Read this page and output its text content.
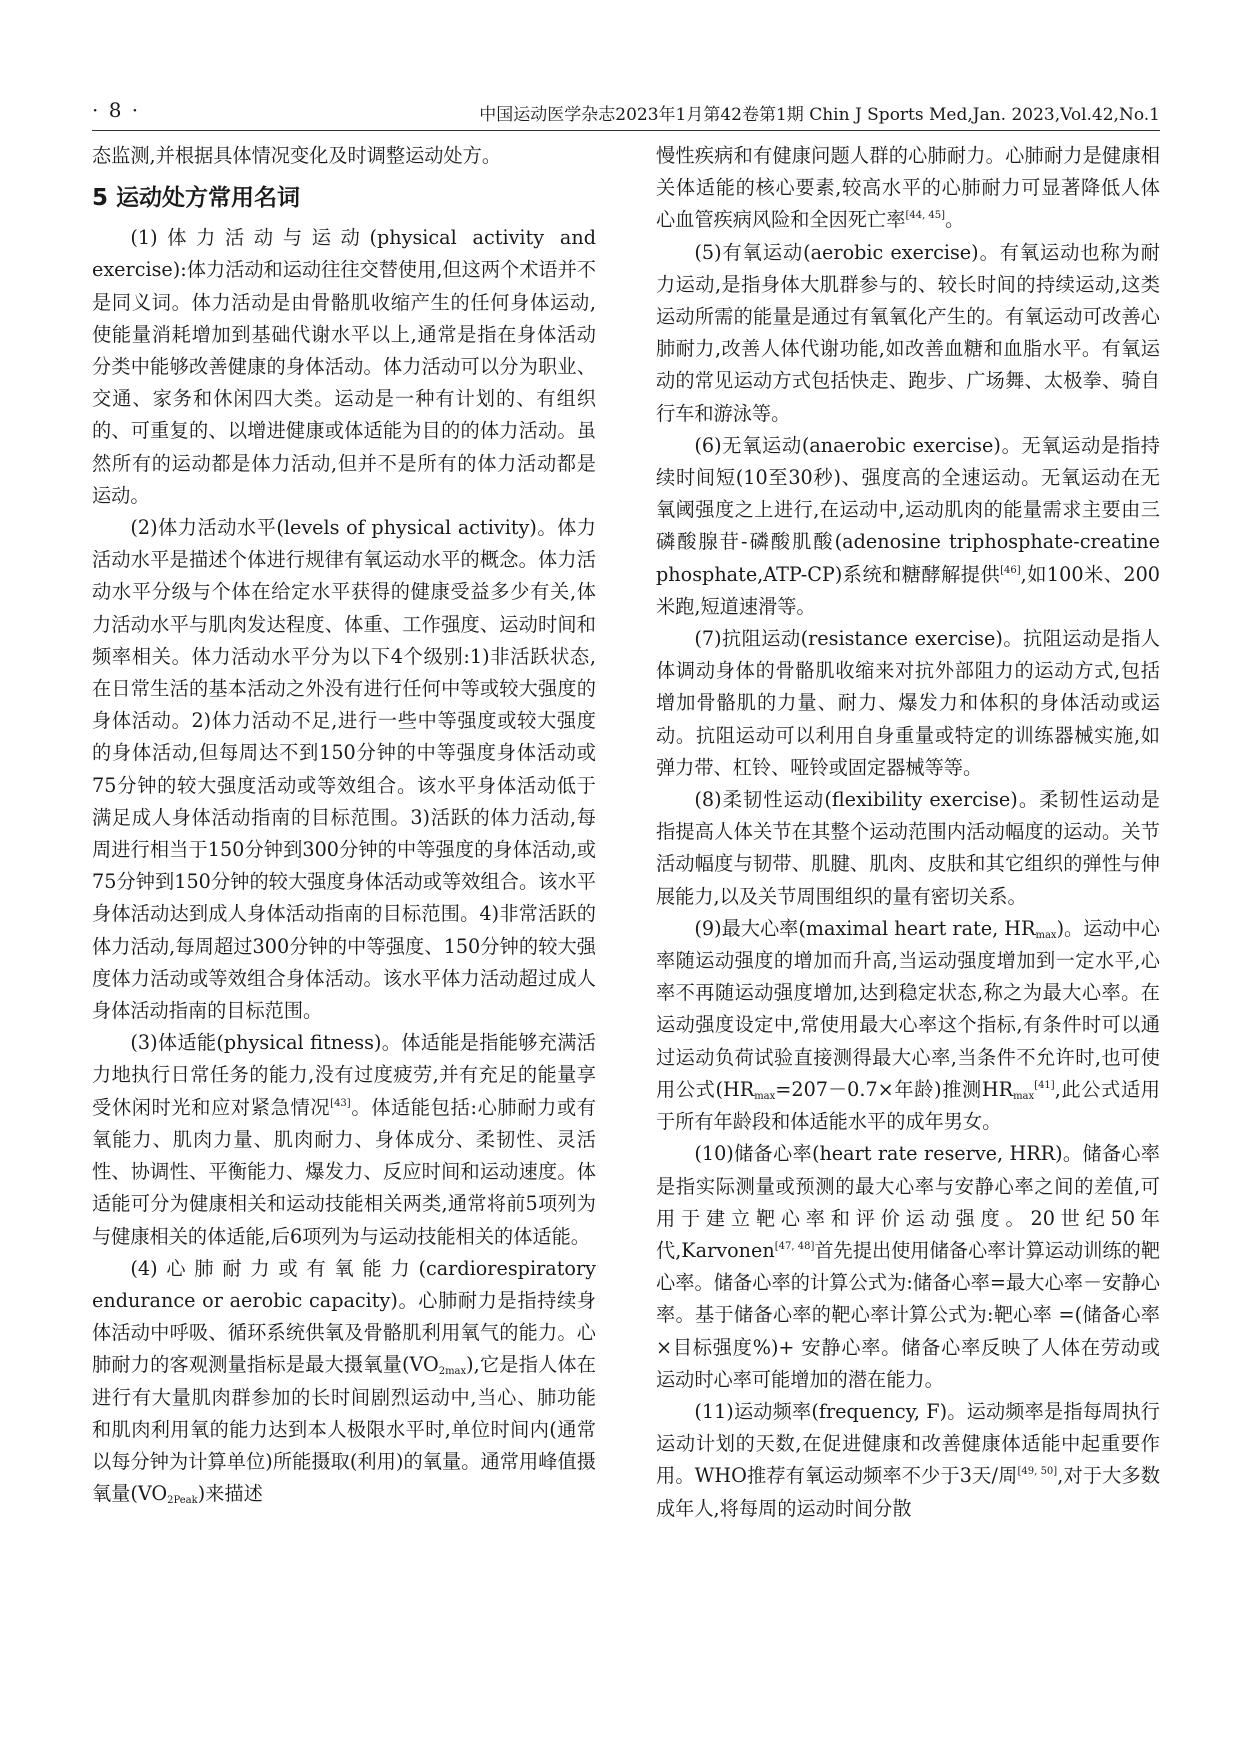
· 8 ·	中国运动医学杂志2023年1月第42卷第1期 Chin J Sports Med,Jan. 2023,Vol.42,No.1

态监测,并根据具体情况变化及时调整运动处方。

5 运动处方常用名词

(1)体力活动与运动(physical activity and exercise):体力活动和运动往往交替使用,但这两个术语并不是同义词。体力活动是由骨骼肌收缩产生的任何身体运动,使能量消耗增加到基础代谢水平以上,通常是指在身体活动分类中能够改善健康的身体活动。体力活动可以分为职业、交通、家务和休闲四大类。运动是一种有计划的、有组织的、可重复的、以增进健康或体适能为目的的体力活动。虽然所有的运动都是体力活动,但并不是所有的体力活动都是运动。

(2)体力活动水平(levels of physical activity)。体力活动水平是描述个体进行规律有氧运动水平的概念。体力活动水平分级与个体在给定水平获得的健康受益多少有关,体力活动水平与肌肉发达程度、体重、工作强度、运动时间和频率相关。体力活动水平分为以下4个级别:1)非活跃状态,在日常生活的基本活动之外没有进行任何中等或较大强度的身体活动。2)体力活动不足,进行一些中等强度或较大强度的身体活动,但每周达不到150分钟的中等强度身体活动或75分钟的较大强度活动或等效组合。该水平身体活动低于满足成人身体活动指南的目标范围。3)活跃的体力活动,每周进行相当于150分钟到300分钟的中等强度的身体活动,或75分钟到150分钟的较大强度身体活动或等效组合。该水平身体活动达到成人身体活动指南的目标范围。4)非常活跃的体力活动,每周超过300分钟的中等强度、150分钟的较大强度体力活动或等效组合身体活动。该水平体力活动超过成人身体活动指南的目标范围。

(3)体适能(physical fitness)。体适能是指能够充满活力地执行日常任务的能力,没有过度疲劳,并有充足的能量享受休闲时光和应对紧急情况[43]。体适能包括:心肺耐力或有氧能力、肌肉力量、肌肉耐力、身体成分、柔韧性、灵活性、协调性、平衡能力、爆发力、反应时间和运动速度。体适能可分为健康相关和运动技能相关两类,通常将前5项列为与健康相关的体适能,后6项列为与运动技能相关的体适能。

(4)心肺耐力或有氧能力(cardiorespiratory endurance or aerobic capacity)。心肺耐力是指持续身体活动中呼吸、循环系统供氧及骨骼肌利用氧气的能力。心肺耐力的客观测量指标是最大摄氧量$(VO_{2max})$,它是指人体在进行有大量肌肉群参加的长时间剧烈运动中,当心、肺功能和肌肉利用氧的能力达到本人极限水平时,单位时间内(通常以每分钟为计算单位)所能摄取(利用)的氧量。通常用峰值摄氧量$(VO_{2Peak})$来描述

慢性疾病和有健康问题人群的心肺耐力。心肺耐力是健康相关体适能的核心要素,较高水平的心肺耐力可显著降低人体心血管疾病风险和全因死亡率[44, 45]。

(5)有氧运动(aerobic exercise)。有氧运动也称为耐力运动,是指身体大肌群参与的、较长时间的持续运动,这类运动所需的能量是通过有氧氧化产生的。有氧运动可改善心肺耐力,改善人体代谢功能,如改善血糖和血脂水平。有氧运动的常见运动方式包括快走、跑步、广场舞、太极拳、骑自行车和游泳等。

(6)无氧运动(anaerobic exercise)。无氧运动是指持续时间短(10至30秒)、强度高的全速运动。无氧运动在无氧阈强度之上进行,在运动中,运动肌肉的能量需求主要由三磷酸腺苷-磷酸肌酸(adenosine triphosphate-creatine phosphate,ATP-CP)系统和糖酵解提供[46],如100米、200米跑,短道速滑等。

(7)抗阻运动(resistance exercise)。抗阻运动是指人体调动身体的骨骼肌收缩来对抗外部阻力的运动方式,包括增加骨骼肌的力量、耐力、爆发力和体积的身体活动或运动。抗阻运动可以利用自身重量或特定的训练器械实施,如弹力带、杠铃、哑铃或固定器械等等。

(8)柔韧性运动(flexibility exercise)。柔韧性运动是指提高人体关节在其整个运动范围内活动幅度的运动。关节活动幅度与韧带、肌腱、肌肉、皮肤和其它组织的弹性与伸展能力,以及关节周围组织的量有密切关系。

(9)最大心率(maximal heart rate, $HR_{max}$)。运动中心率随运动强度的增加而升高,当运动强度增加到一定水平,心率不再随运动强度增加,达到稳定状态,称之为最大心率。在运动强度设定中,常使用最大心率这个指标,有条件时可以通过运动负荷试验直接测得最大心率,当条件不允许时,也可使用公式($HR_{max}=207-0.7\times$年龄)推测$HR_{max}[41]$,此公式适用于所有年龄段和体适能水平的成年男女。

(10)储备心率(heart rate reserve, HRR)。储备心率是指实际测量或预测的最大心率与安静心率之间的差值,可用于建立靶心率和评价运动强度。20世纪50年代,Karvonen[47, 48]首先提出使用储备心率计算运动训练的靶心率。储备心率的计算公式为:储备心率=最大心率－安静心率。基于储备心率的靶心率计算公式为:靶心率 =(储备心率×目标强度%)+ 安静心率。储备心率反映了人体在劳动或运动时心率可能增加的潜在能力。

(11)运动频率(frequency, F)。运动频率是指每周执行运动计划的天数,在促进健康和改善健康体适能中起重要作用。WHO推荐有氧运动频率不少于3天/周[49, 50],对于大多数成年人,将每周的运动时间分散
